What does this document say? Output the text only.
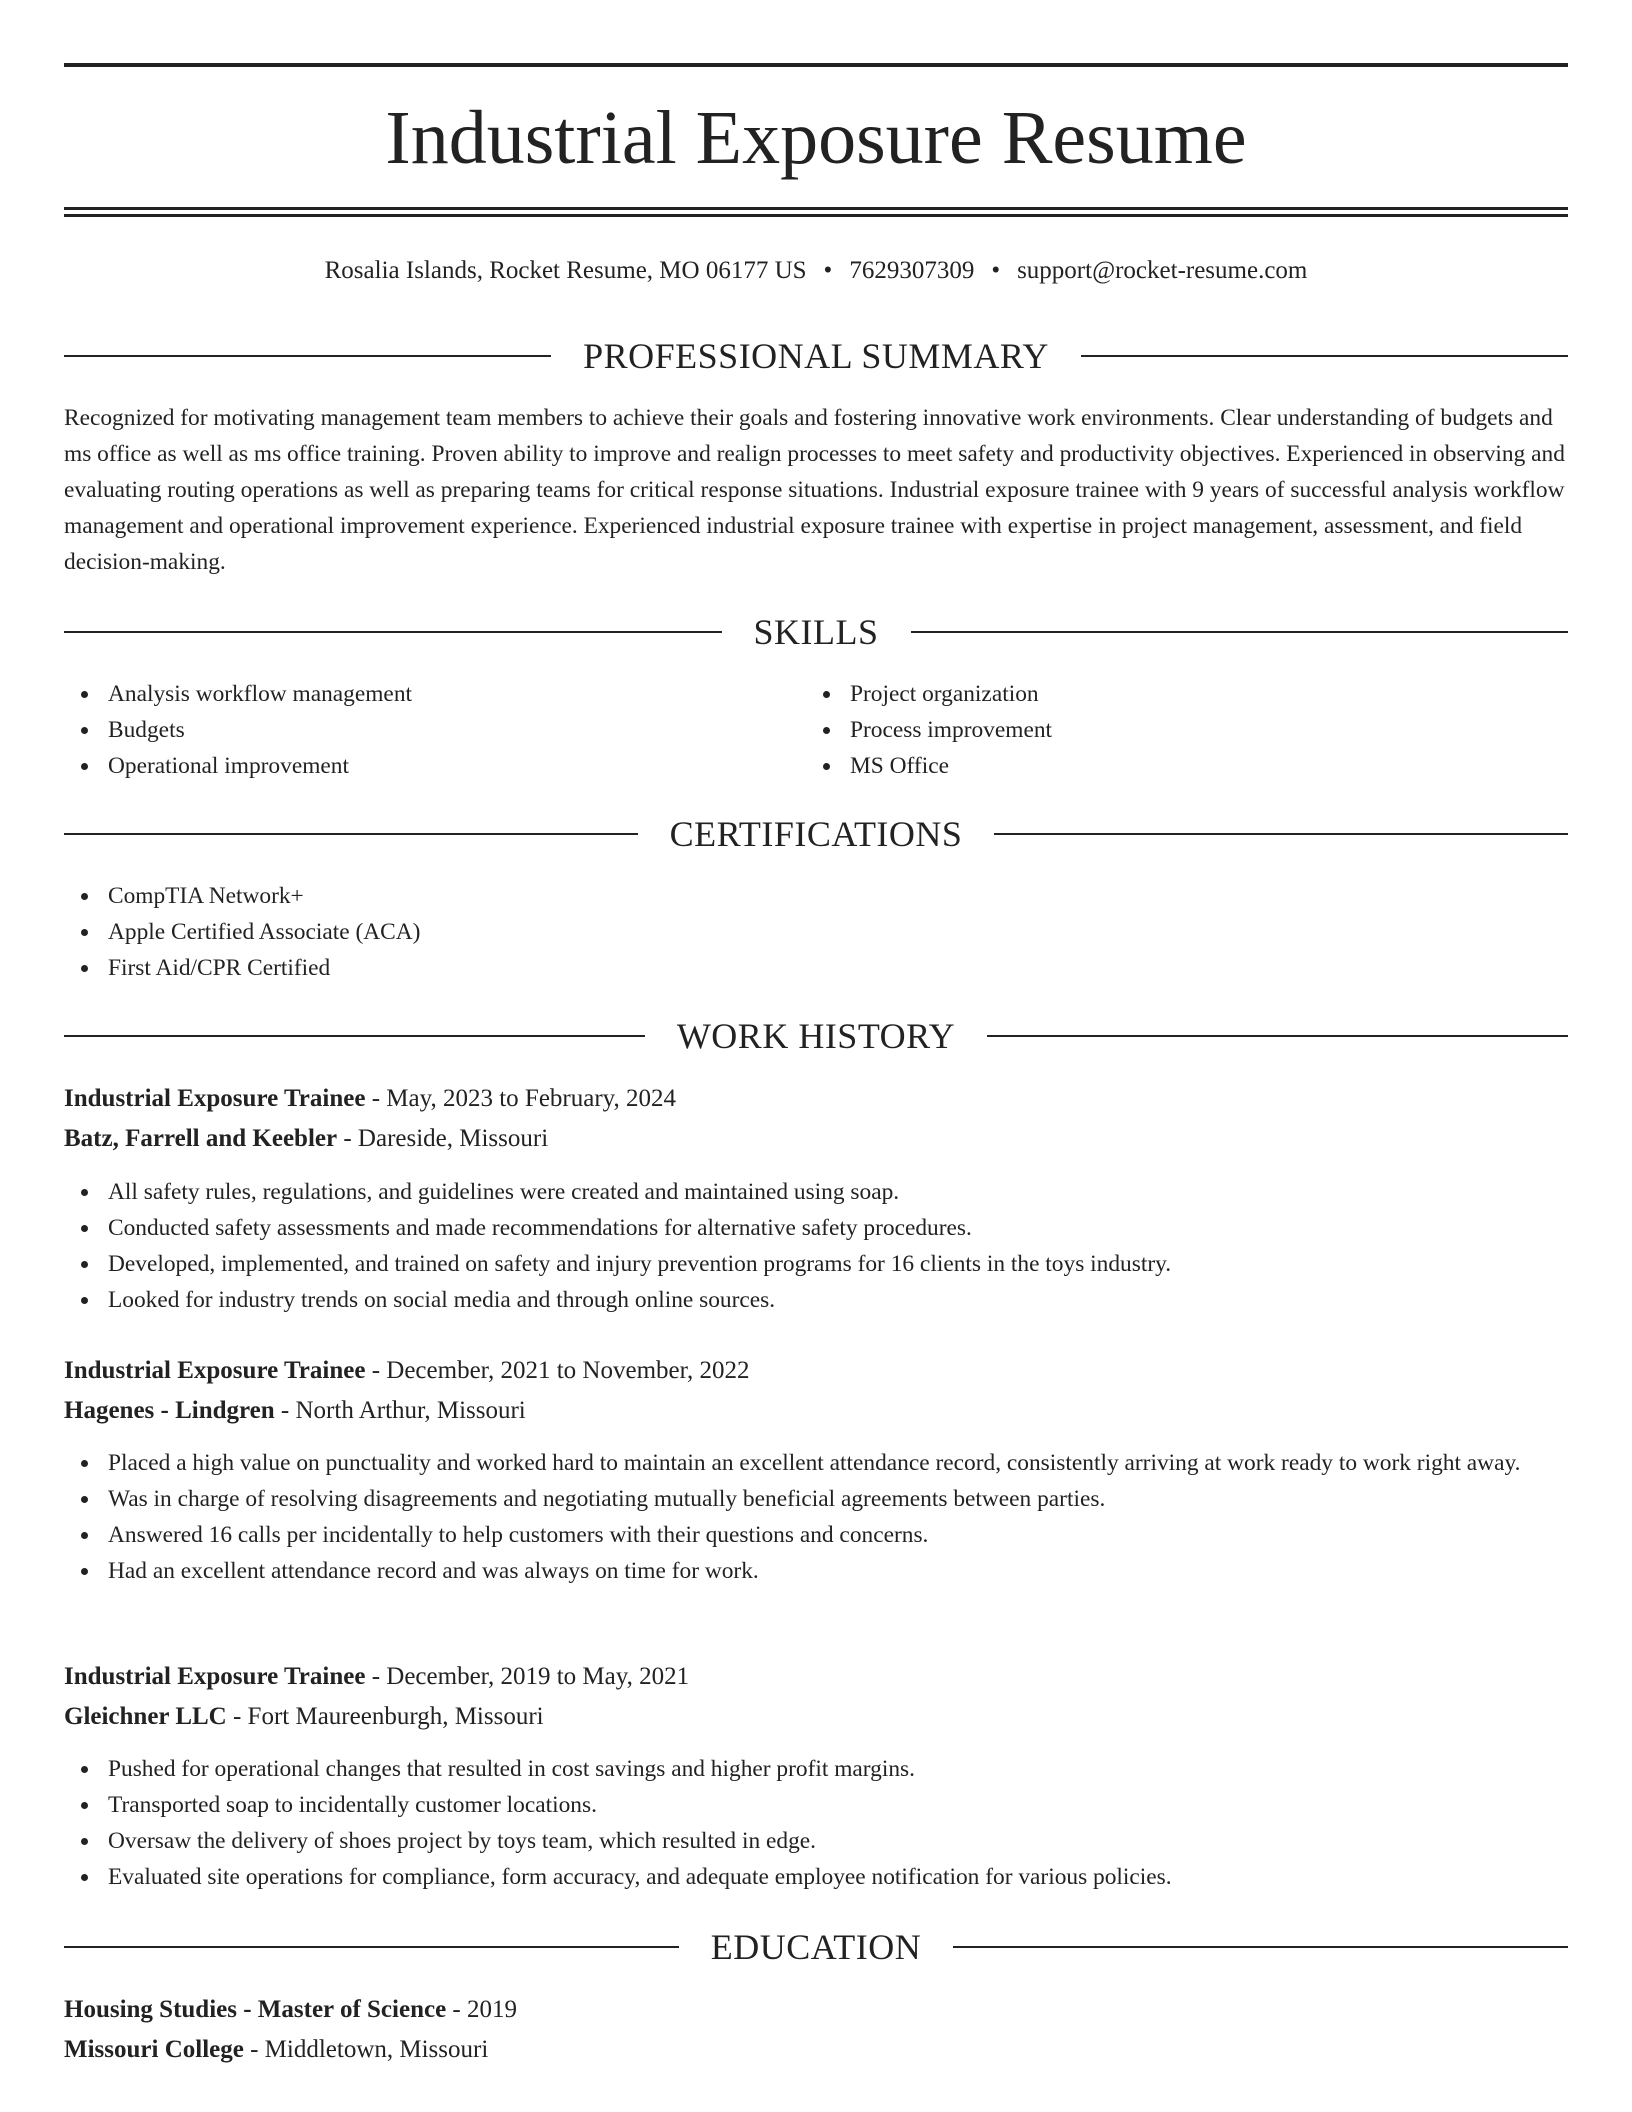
Industrial Exposure Resume
Rosalia Islands, Rocket Resume, MO 06177 US • 7629307309 • support@rocket-resume.com
PROFESSIONAL SUMMARY

Recognized for motivating management team members to achieve their goals and fostering innovative work environments. Clear understanding of budgets and ms office as well as ms office training. Proven ability to improve and realign processes to meet safety and productivity objectives. Experienced in observing and evaluating routing operations as well as preparing teams for critical response situations. Industrial exposure trainee with 9 years of successful analysis workflow management and operational improvement experience. Experienced industrial exposure trainee with expertise in project management, assessment, and field decision-making.

SKILLS
Analysis workflow management
Budgets
Operational improvement
Project organization
Process improvement
MS Office
CERTIFICATIONS
CompTIA Network+
Apple Certified Associate (ACA)
First Aid/CPR Certified
WORK HISTORY
Industrial Exposure Trainee - May, 2023 to February, 2024
Batz, Farrell and Keebler - Dareside, Missouri
All safety rules, regulations, and guidelines were created and maintained using soap.
Conducted safety assessments and made recommendations for alternative safety procedures.
Developed, implemented, and trained on safety and injury prevention programs for 16 clients in the toys industry.
Looked for industry trends on social media and through online sources.
Industrial Exposure Trainee - December, 2021 to November, 2022
Hagenes - Lindgren - North Arthur, Missouri
Placed a high value on punctuality and worked hard to maintain an excellent attendance record, consistently arriving at work ready to work right away.
Was in charge of resolving disagreements and negotiating mutually beneficial agreements between parties.
Answered 16 calls per incidentally to help customers with their questions and concerns.
Had an excellent attendance record and was always on time for work.
Industrial Exposure Trainee - December, 2019 to May, 2021
Gleichner LLC - Fort Maureenburgh, Missouri
Pushed for operational changes that resulted in cost savings and higher profit margins.
Transported soap to incidentally customer locations.
Oversaw the delivery of shoes project by toys team, which resulted in edge.
Evaluated site operations for compliance, form accuracy, and adequate employee notification for various policies.
EDUCATION
Housing Studies - Master of Science - 2019
Missouri College - Middletown, Missouri
